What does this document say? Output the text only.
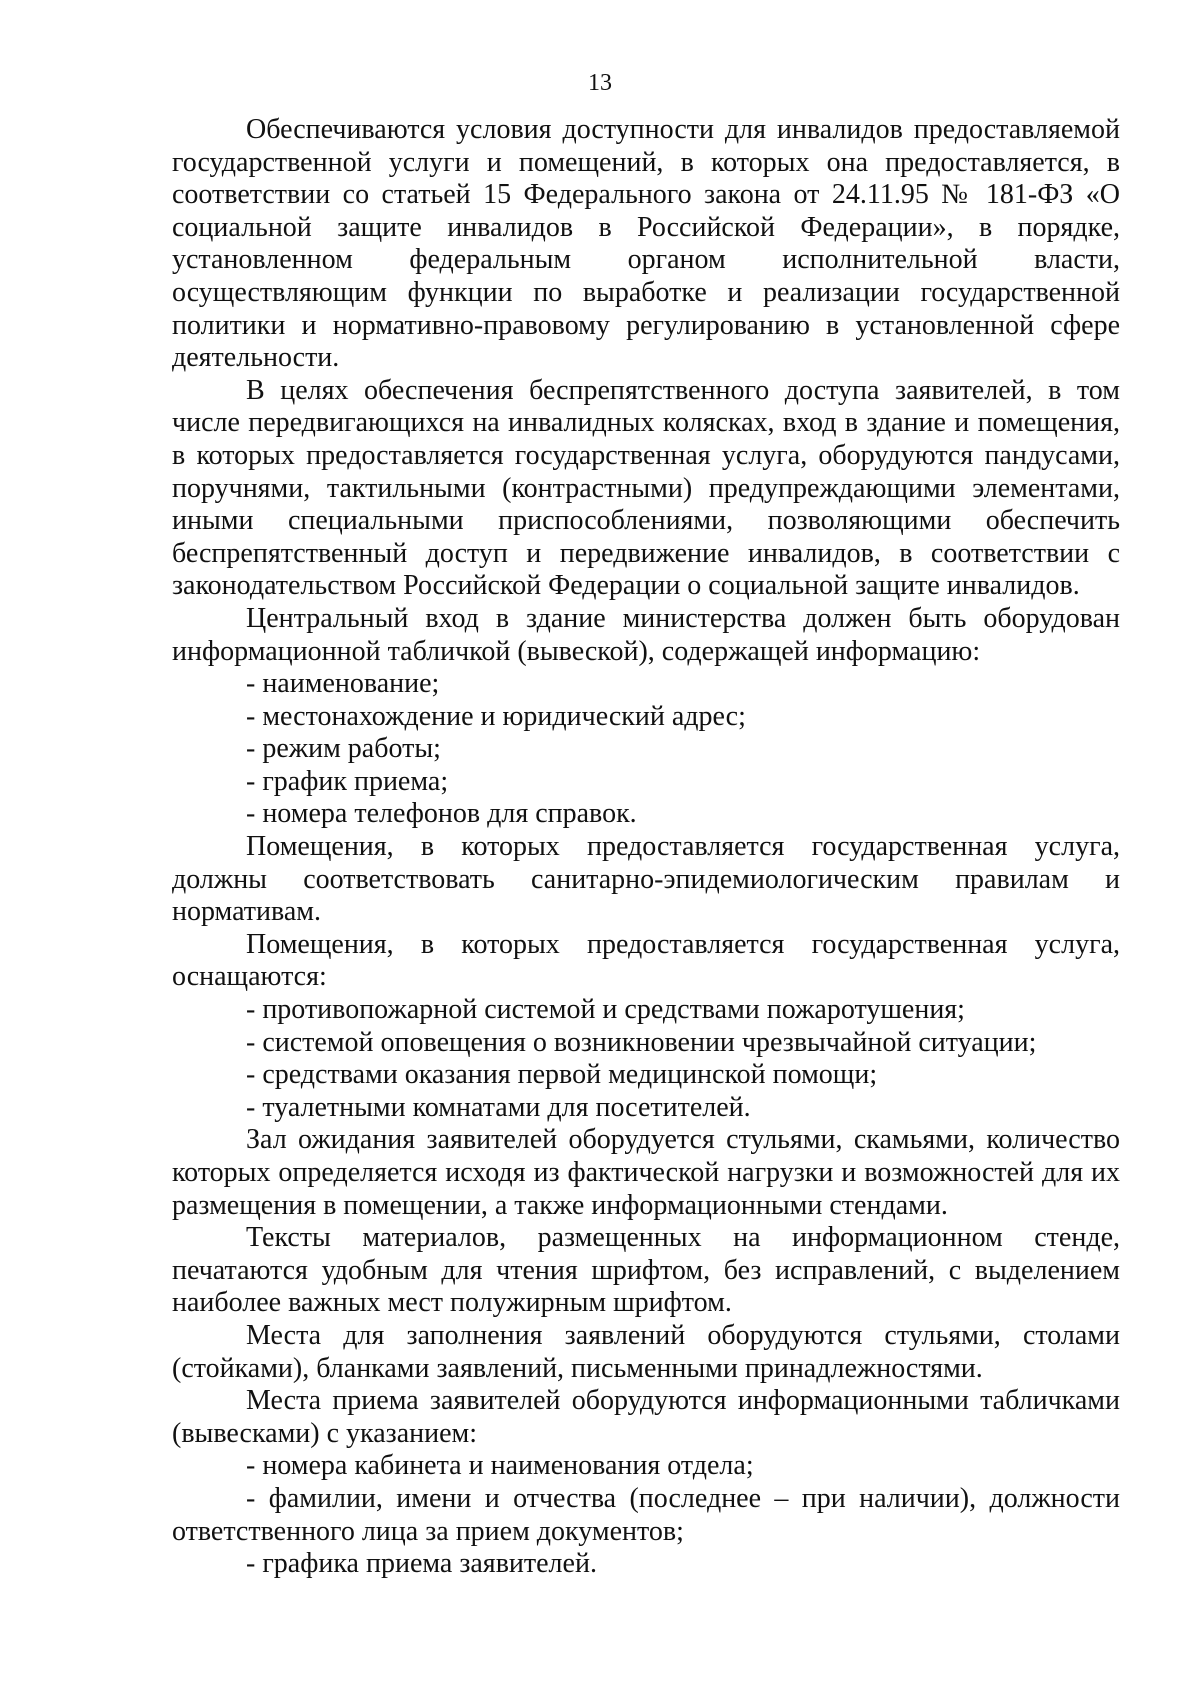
13

Обеспечиваются условия доступности для инвалидов предоставляемой государственной услуги и помещений, в которых она предоставляется, в соответствии со статьей 15 Федерального закона от 24.11.95 № 181-ФЗ «О социальной защите инвалидов в Российской Федерации», в порядке, установленном федеральным органом исполнительной власти, осуществляющим функции по выработке и реализации государственной политики и нормативно-правовому регулированию в установленной сфере деятельности.

В целях обеспечения беспрепятственного доступа заявителей, в том числе передвигающихся на инвалидных колясках, вход в здание и помещения, в которых предоставляется государственная услуга, оборудуются пандусами, поручнями, тактильными (контрастными) предупреждающими элементами, иными специальными приспособлениями, позволяющими обеспечить беспрепятственный доступ и передвижение инвалидов, в соответствии с законодательством Российской Федерации о социальной защите инвалидов.

Центральный вход в здание министерства должен быть оборудован информационной табличкой (вывеской), содержащей информацию:

- наименование;

- местонахождение и юридический адрес;

- режим работы;

- график приема;

- номера телефонов для справок.

Помещения, в которых предоставляется государственная услуга, должны соответствовать санитарно-эпидемиологическим правилам и нормативам.

Помещения, в которых предоставляется государственная услуга, оснащаются:

- противопожарной системой и средствами пожаротушения;

- системой оповещения о возникновении чрезвычайной ситуации;

- средствами оказания первой медицинской помощи;

- туалетными комнатами для посетителей.

Зал ожидания заявителей оборудуется стульями, скамьями, количество которых определяется исходя из фактической нагрузки и возможностей для их размещения в помещении, а также информационными стендами.

Тексты материалов, размещенных на информационном стенде, печатаются удобным для чтения шрифтом, без исправлений, с выделением наиболее важных мест полужирным шрифтом.

Места для заполнения заявлений оборудуются стульями, столами (стойками), бланками заявлений, письменными принадлежностями.

Места приема заявителей оборудуются информационными табличками (вывесками) с указанием:

- номера кабинета и наименования отдела;

- фамилии, имени и отчества (последнее – при наличии), должности ответственного лица за прием документов;

- графика приема заявителей.
